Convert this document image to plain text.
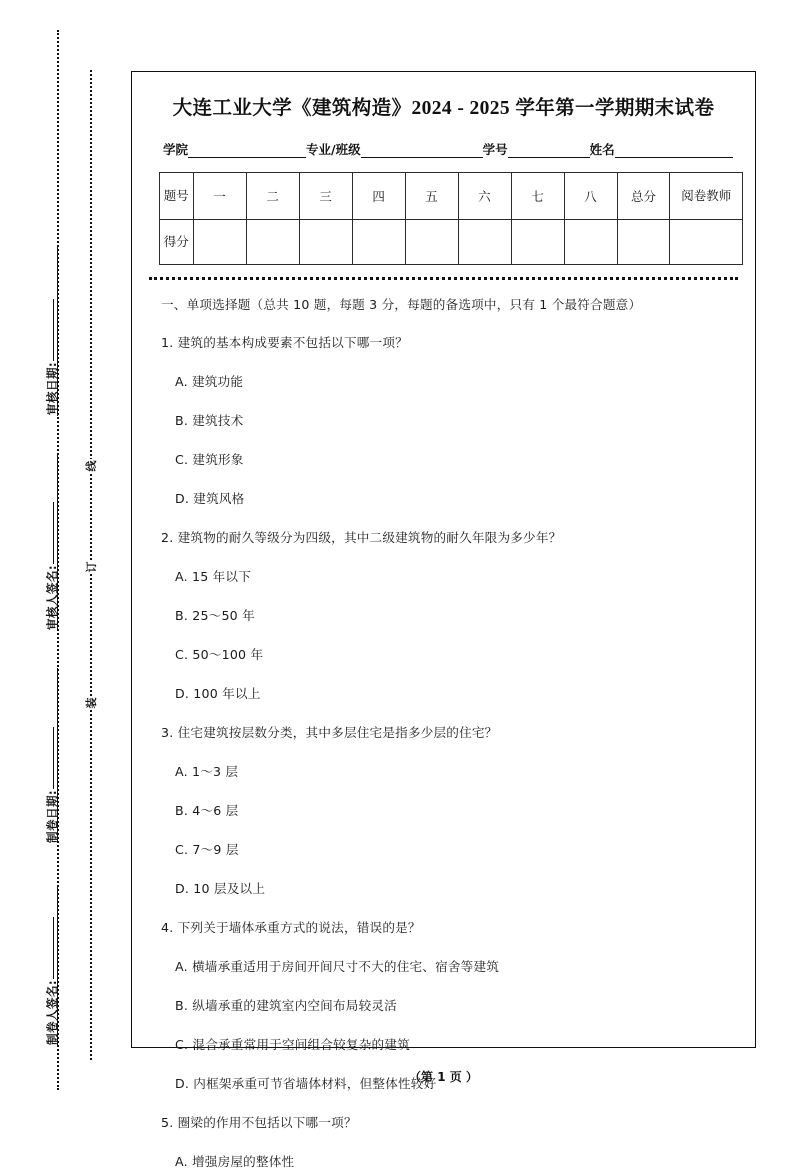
线
订
装
审核日期:
审核人签名:
制卷日期:
制卷人签名:
大连工业大学《建筑构造》2024 - 2025 学年第一学期期末试卷
学院	专业/班级	学号	姓名
题号	一	二	三	四	五	六	七	八	总分	阅卷教师
得分										
一、单项选择题（总共 10 题，每题 3 分，每题的备选项中，只有 1 个最符合题意）
1. 建筑的基本构成要素不包括以下哪一项？
A. 建筑功能
B. 建筑技术
C. 建筑形象
D. 建筑风格
2. 建筑物的耐久等级分为四级，其中二级建筑物的耐久年限为多少年？
A. 15 年以下
B. 25～50 年
C. 50～100 年
D. 100 年以上
3. 住宅建筑按层数分类，其中多层住宅是指多少层的住宅？
A. 1～3 层
B. 4～6 层
C. 7～9 层
D. 10 层及以上
4. 下列关于墙体承重方式的说法，错误的是？
A. 横墙承重适用于房间开间尺寸不大的住宅、宿舍等建筑
B. 纵墙承重的建筑室内空间布局较灵活
C. 混合承重常用于空间组合较复杂的建筑
D. 内框架承重可节省墙体材料，但整体性较好
5. 圈梁的作用不包括以下哪一项？
A. 增强房屋的整体性
（第 1 页 ）
